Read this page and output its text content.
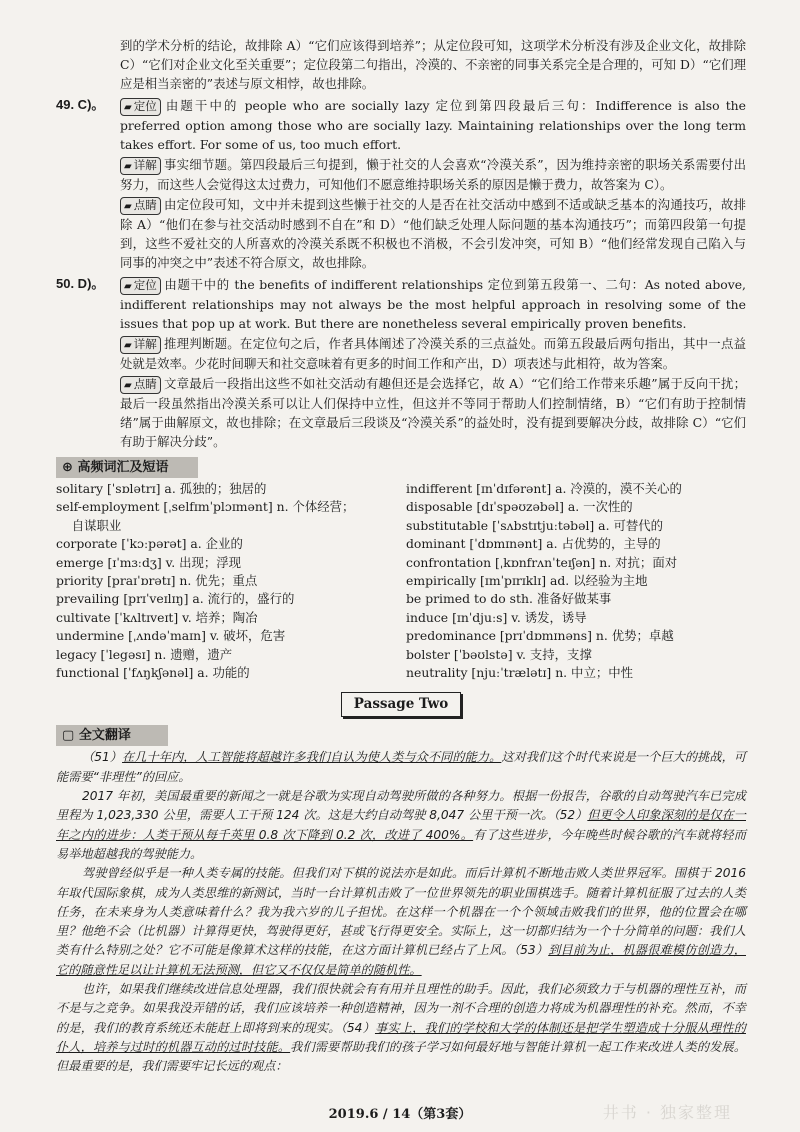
到的学术分析的结论，故排除 A）“它们应该得到培养”；从定位段可知，这项学术分析没有涉及企业文化，故排除 C）“它们对企业文化至关重要”；定位段第二句指出，冷漠的、不亲密的同事关系完全是合理的，可知 D）“它们理应是相当亲密的”表述与原文相悖，故也排除。

49. C)。	▰ 定位 由题干中的 people who are socially lazy 定位到第四段最后三句：Indifference is also the preferred option among those who are socially lazy. Maintaining relationships over the long term takes effort. For some of us, too much effort.

▰ 详解 事实细节题。第四段最后三句提到，懒于社交的人会喜欢“冷漠关系”，因为维持亲密的职场关系需要付出努力，而这些人会觉得这太过费力，可知他们不愿意维持职场关系的原因是懒于费力，故答案为 C）。

▰ 点睛 由定位段可知，文中并未提到这些懒于社交的人是否在社交活动中感到不适或缺乏基本的沟通技巧，故排除 A）“他们在参与社交活动时感到不自在”和 D）“他们缺乏处理人际问题的基本沟通技巧”；而第四段第一句提到，这些不爱社交的人所喜欢的冷漠关系既不积极也不消极，不会引发冲突，可知 B）“他们经常发现自己陷入与同事的冲突之中”表述不符合原文，故也排除。

50. D)。	▰ 定位 由题干中的 the benefits of indifferent relationships 定位到第五段第一、二句：As noted above, indifferent relationships may not always be the most helpful approach in resolving some of the issues that pop up at work. But there are nonetheless several empirically proven benefits.

▰ 详解 推理判断题。在定位句之后，作者具体阐述了冷漠关系的三点益处。而第五段最后两句指出，其中一点益处就是效率。少花时间聊天和社交意味着有更多的时间工作和产出，D）项表述与此相符，故为答案。

▰ 点睛 文章最后一段指出这些不如社交活动有趣但还是会选择它，故 A）“它们给工作带来乐趣”属于反向干扰；最后一段虽然指出冷漠关系可以让人们保持中立性，但这并不等同于帮助人们控制情绪，B）“它们有助于控制情绪”属于曲解原文，故也排除；在文章最后三段谈及“冷漠关系”的益处时，没有提到要解决分歧，故排除 C）“它们有助于解决分歧”。

⊕ 高频词汇及短语
solitary [ˈsɒlətrɪ] a. 孤独的；独居的
self-employment [ˌselfɪmˈplɔɪmənt] n. 个体经营；
自谋职业
corporate [ˈkɔːpərət] a. 企业的
emerge [ɪˈmɜːdʒ] v. 出现；浮现
priority [praɪˈɒrətɪ] n. 优先；重点
prevailing [prɪˈveɪlɪŋ] a. 流行的，盛行的
cultivate [ˈkʌltɪveɪt] v. 培养；陶冶
undermine [ˌʌndəˈmaɪn] v. 破坏，危害
legacy [ˈlegəsɪ] n. 遗赠，遗产
functional [ˈfʌŋkʃənəl] a. 功能的
indifferent [ɪnˈdɪfərənt] a. 冷漠的，漠不关心的
disposable [dɪˈspəʊzəbəl] a. 一次性的
substitutable [ˈsʌbstɪtjuːtəbəl] a. 可替代的
dominant [ˈdɒmɪnənt] a. 占优势的，主导的
confrontation [ˌkɒnfrʌnˈteɪʃən] n. 对抗；面对
empirically [ɪmˈpɪrɪklɪ] ad. 以经验为主地
be primed to do sth. 准备好做某事
induce [ɪnˈdjuːs] v. 诱发，诱导
predominance [prɪˈdɒmɪnəns] n. 优势；卓越
bolster [ˈbəʊlstə] v. 支持，支撑
neutrality [njuːˈtrælətɪ] n. 中立；中性
Passage Two
▢ 全文翻译

（51）在几十年内，人工智能将超越许多我们自认为使人类与众不同的能力。这对我们这个时代来说是一个巨大的挑战，可能需要“非理性”的回应。

2017 年初，美国最重要的新闻之一就是谷歌为实现自动驾驶所做的各种努力。根据一份报告，谷歌的自动驾驶汽车已完成里程为 1,023,330 公里，需要人工干预 124 次。这是大约自动驾驶 8,047 公里干预一次。（52）但更令人印象深刻的是仅在一年之内的进步：人类干预从每千英里 0.8 次下降到 0.2 次，改进了 400%。有了这些进步，今年晚些时候谷歌的汽车就将轻而易举地超越我的驾驶能力。

驾驶曾经似乎是一种人类专属的技能。但我们对下棋的说法亦是如此。而后计算机不断地击败人类世界冠军。围棋于 2016 年取代国际象棋，成为人类思维的新测试，当时一台计算机击败了一位世界领先的职业围棋选手。随着计算机征服了过去的人类任务，在未来身为人类意味着什么？我为我六岁的儿子担忧。在这样一个机器在一个个领域击败我们的世界，他的位置会在哪里？他绝不会（比机器）计算得更快，驾驶得更好，甚或飞行得更安全。实际上，这一切都归结为一个十分简单的问题：我们人类有什么特别之处？它不可能是像算术这样的技能，在这方面计算机已经占了上风。（53）到目前为止，机器很难模仿创造力，它的随意性足以让计算机无法预测，但它又不仅仅是简单的随机性。

也许，如果我们继续改进信息处理器，我们很快就会有有用并且理性的助手。因此，我们必须致力于与机器的理性互补，而不是与之竞争。如果我没弄错的话，我们应该培养一种创造精神，因为一剂不合理的创造力将成为机器理性的补充。然而，不幸的是，我们的教育系统还未能赶上即将到来的现实。（54）事实上，我们的学校和大学的体制还是把学生塑造成十分服从理性的仆人，培养与过时的机器互动的过时技能。我们需要帮助我们的孩子学习如何最好地与智能计算机一起工作来改进人类的发展。但最重要的是，我们需要牢记长远的观点：

2019.6 / 14（第3套）	井书 · 独家整理
